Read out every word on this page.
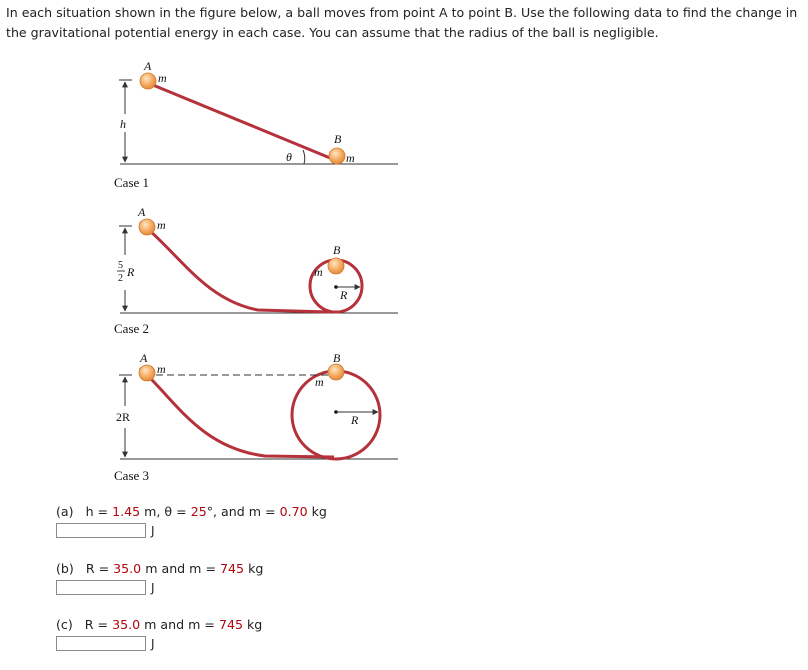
In each situation shown in the figure below, a ball moves from point A to point B. Use the following data to find the change in the gravitational potential energy in each case. You can assume that the radius of the ball is negligible.
h
θ
A
m
B
m
Case 1
R
5
2 R
A
m
B
m
Case 2
R
2R
A
m
B
m
Case 3
(a) h = 1.45 m, θ = 25°, and m = 0.70 kg
J
(b) R = 35.0 m and m = 745 kg
J
(c) R = 35.0 m and m = 745 kg
J
